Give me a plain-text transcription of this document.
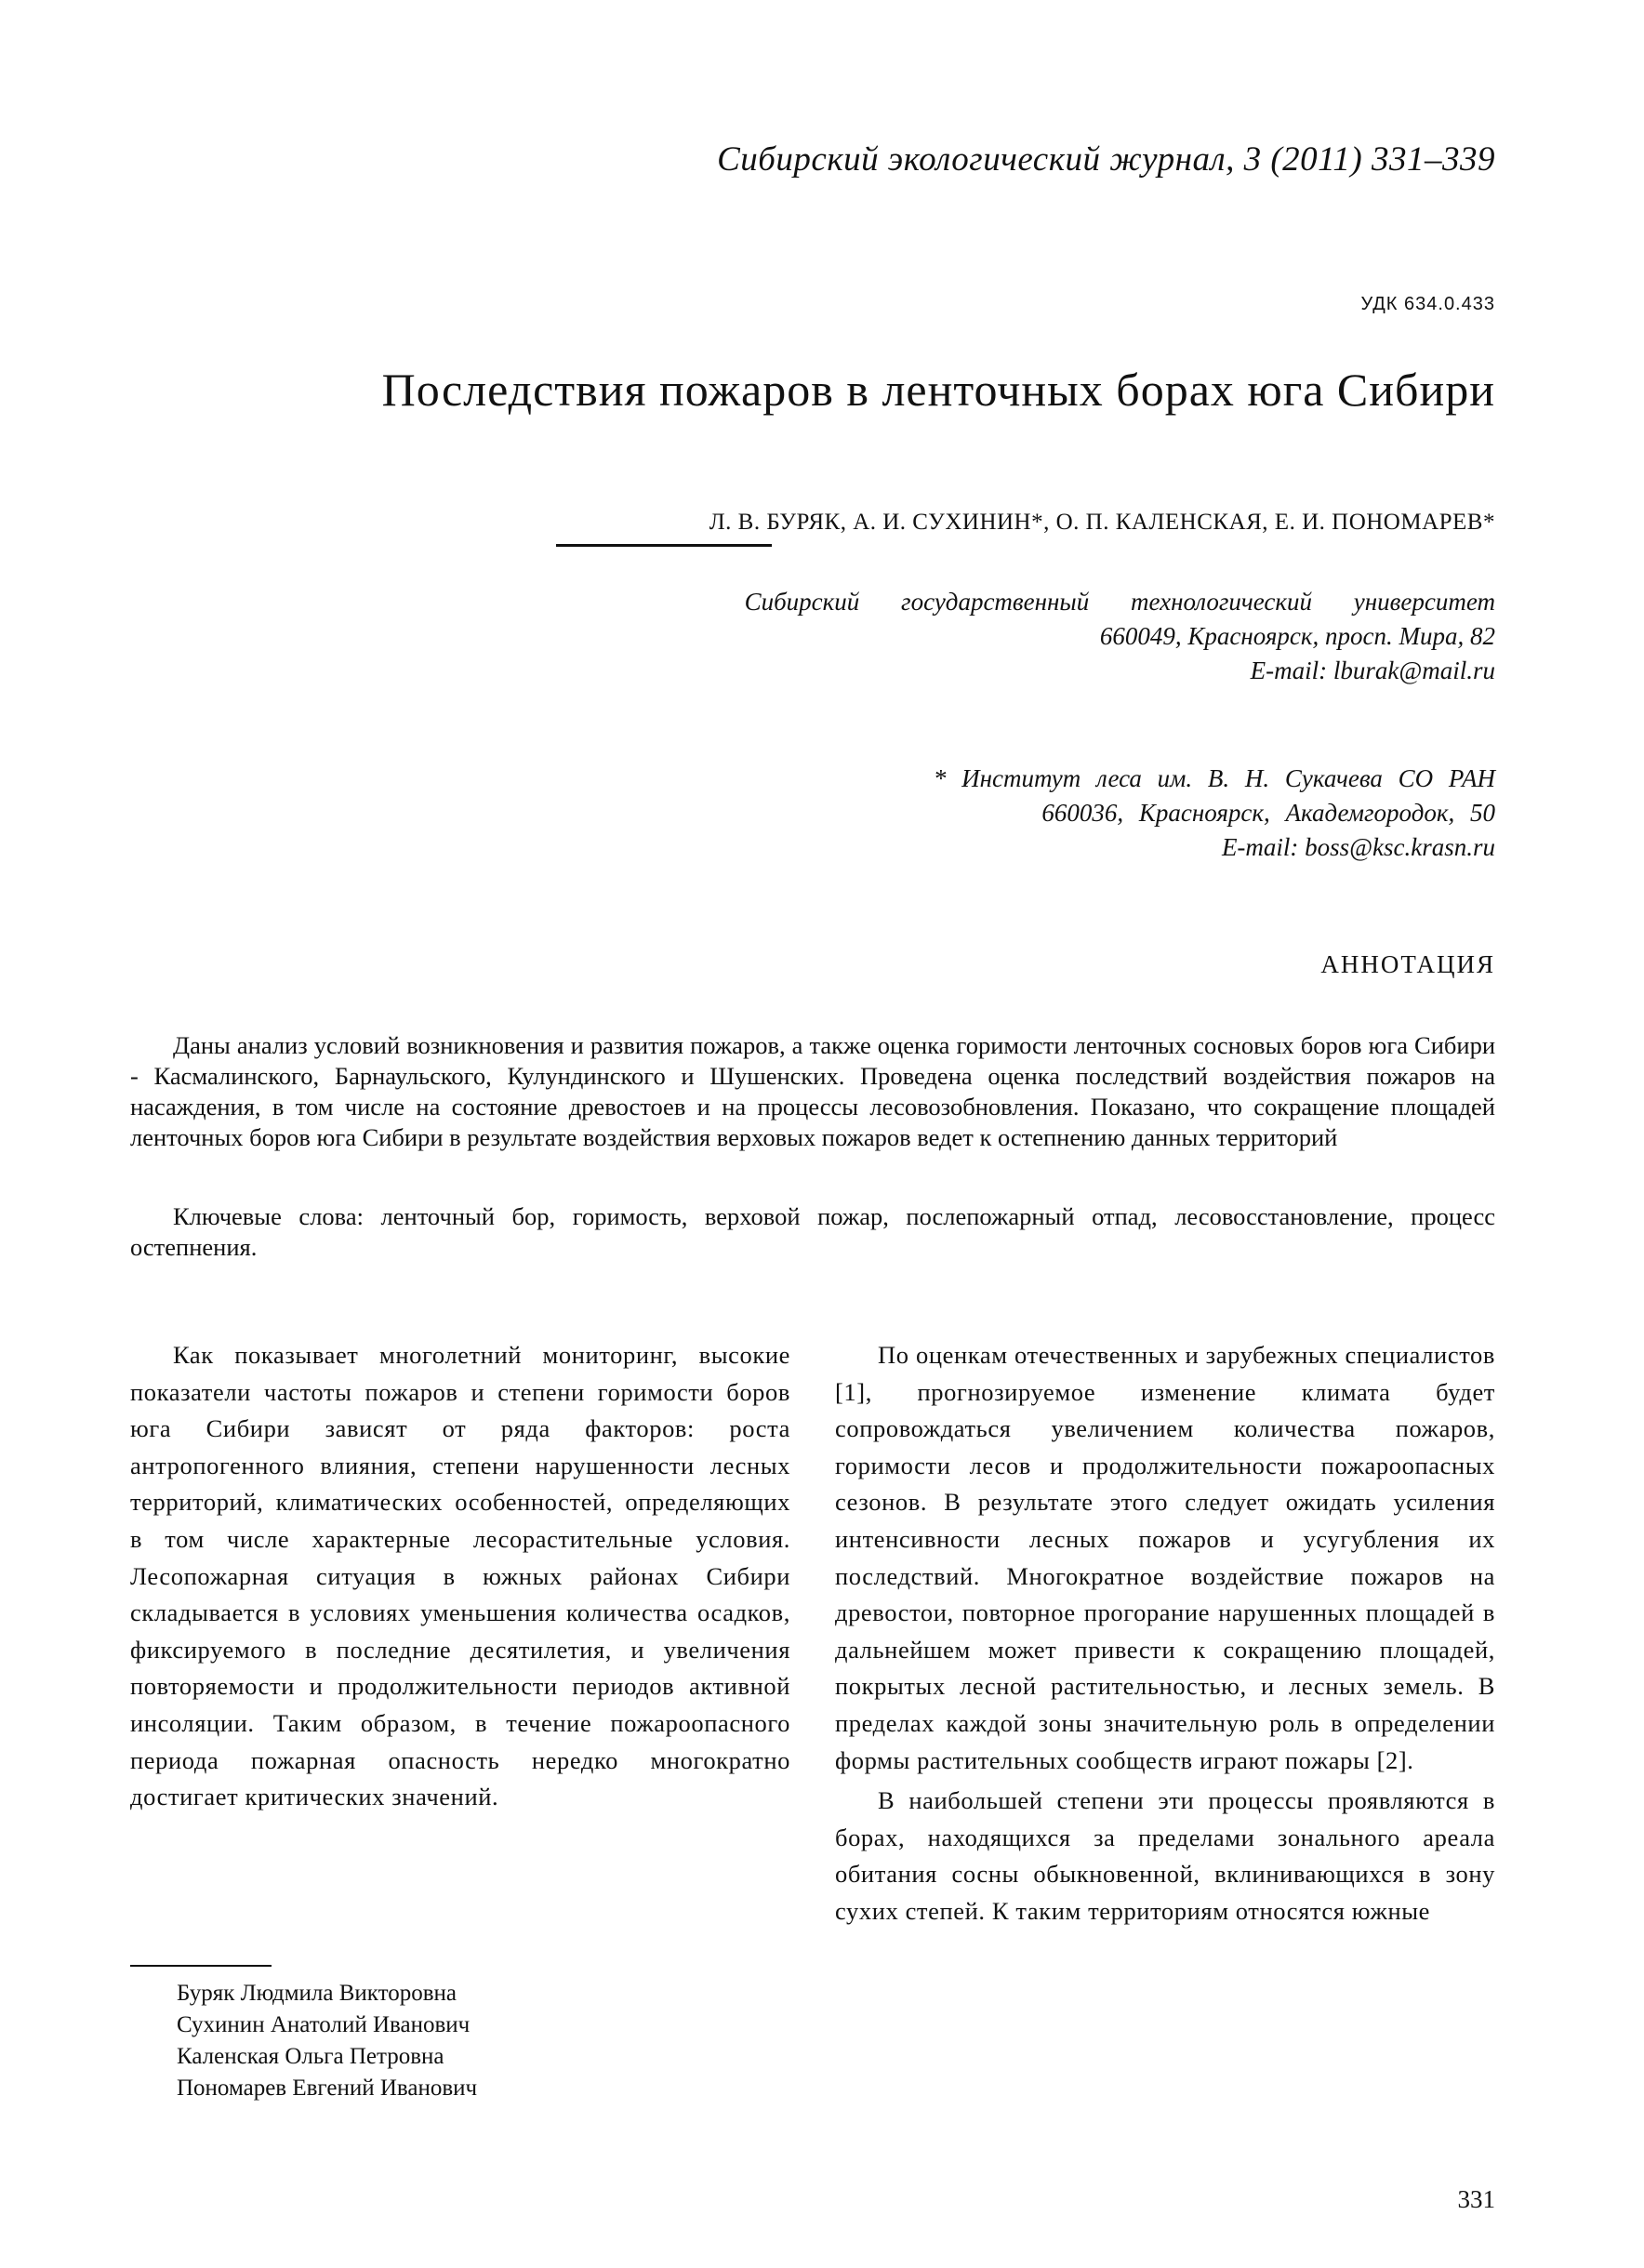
Сибирский экологический журнал, 3 (2011) 331–339
УДК 634.0.433
Последствия пожаров в ленточных борах юга Сибири
Л. В. БУРЯК, А. И. СУХИНИН*, О. П. КАЛЕНСКАЯ, Е. И. ПОНОМАРЕВ*
Сибирский государственный технологический университет
660049, Красноярск, просп. Мира, 82
E-mail: lburak@mail.ru
* Институт леса им. В. Н. Сукачева СО РАН
660036, Красноярск, Академгородок, 50
E-mail: boss@ksc.krasn.ru
АННОТАЦИЯ

Даны анализ условий возникновения и развития пожаров, а также оценка горимости ленточных сосновых боров юга Сибири - Касмалинского, Барнаульского, Кулундинского и Шушенских. Проведена оценка последствий воздействия пожаров на насаждения, в том числе на состояние древостоев и на процессы лесовозобновления. Показано, что сокращение площадей ленточных боров юга Сибири в результате воздействия верховых пожаров ведет к остепнению данных территорий

Ключевые слова: ленточный бор, горимость, верховой пожар, послепожарный отпад, лесовосстановление, процесс остепнения.

Как показывает многолетний мониторинг, высокие показатели частоты пожаров и степени горимости боров юга Сибири зависят от ряда факторов: роста антропогенного влияния, степени нарушенности лесных территорий, климатических особенностей, определяющих в том числе характерные лесорастительные условия. Лесопожарная ситуация в южных районах Сибири складывается в условиях уменьшения количества осадков, фиксируемого в последние десятилетия, и увеличения повторяемости и продолжительности периодов активной инсоляции. Таким образом, в течение пожароопасного периода пожарная опасность нередко многократно достигает критических значений.

По оценкам отечественных и зарубежных специалистов [1], прогнозируемое изменение климата будет сопровождаться увеличением количества пожаров, горимости лесов и продолжительности пожароопасных сезонов. В результате этого следует ожидать усиления интенсивности лесных пожаров и усугубления их последствий. Многократное воздействие пожаров на древостои, повторное прогорание нарушенных площадей в дальнейшем может привести к сокращению площадей, покрытых лесной растительностью, и лесных земель. В пределах каждой зоны значительную роль в определении формы растительных сообществ играют пожары [2].

В наибольшей степени эти процессы проявляются в борах, находящихся за пределами зонального ареала обитания сосны обыкновенной, вклинивающихся в зону сухих степей. К таким территориям относятся южные

Буряк Людмила Викторовна
Сухинин Анатолий Иванович
Каленская Ольга Петровна
Пономарев Евгений Иванович
331
